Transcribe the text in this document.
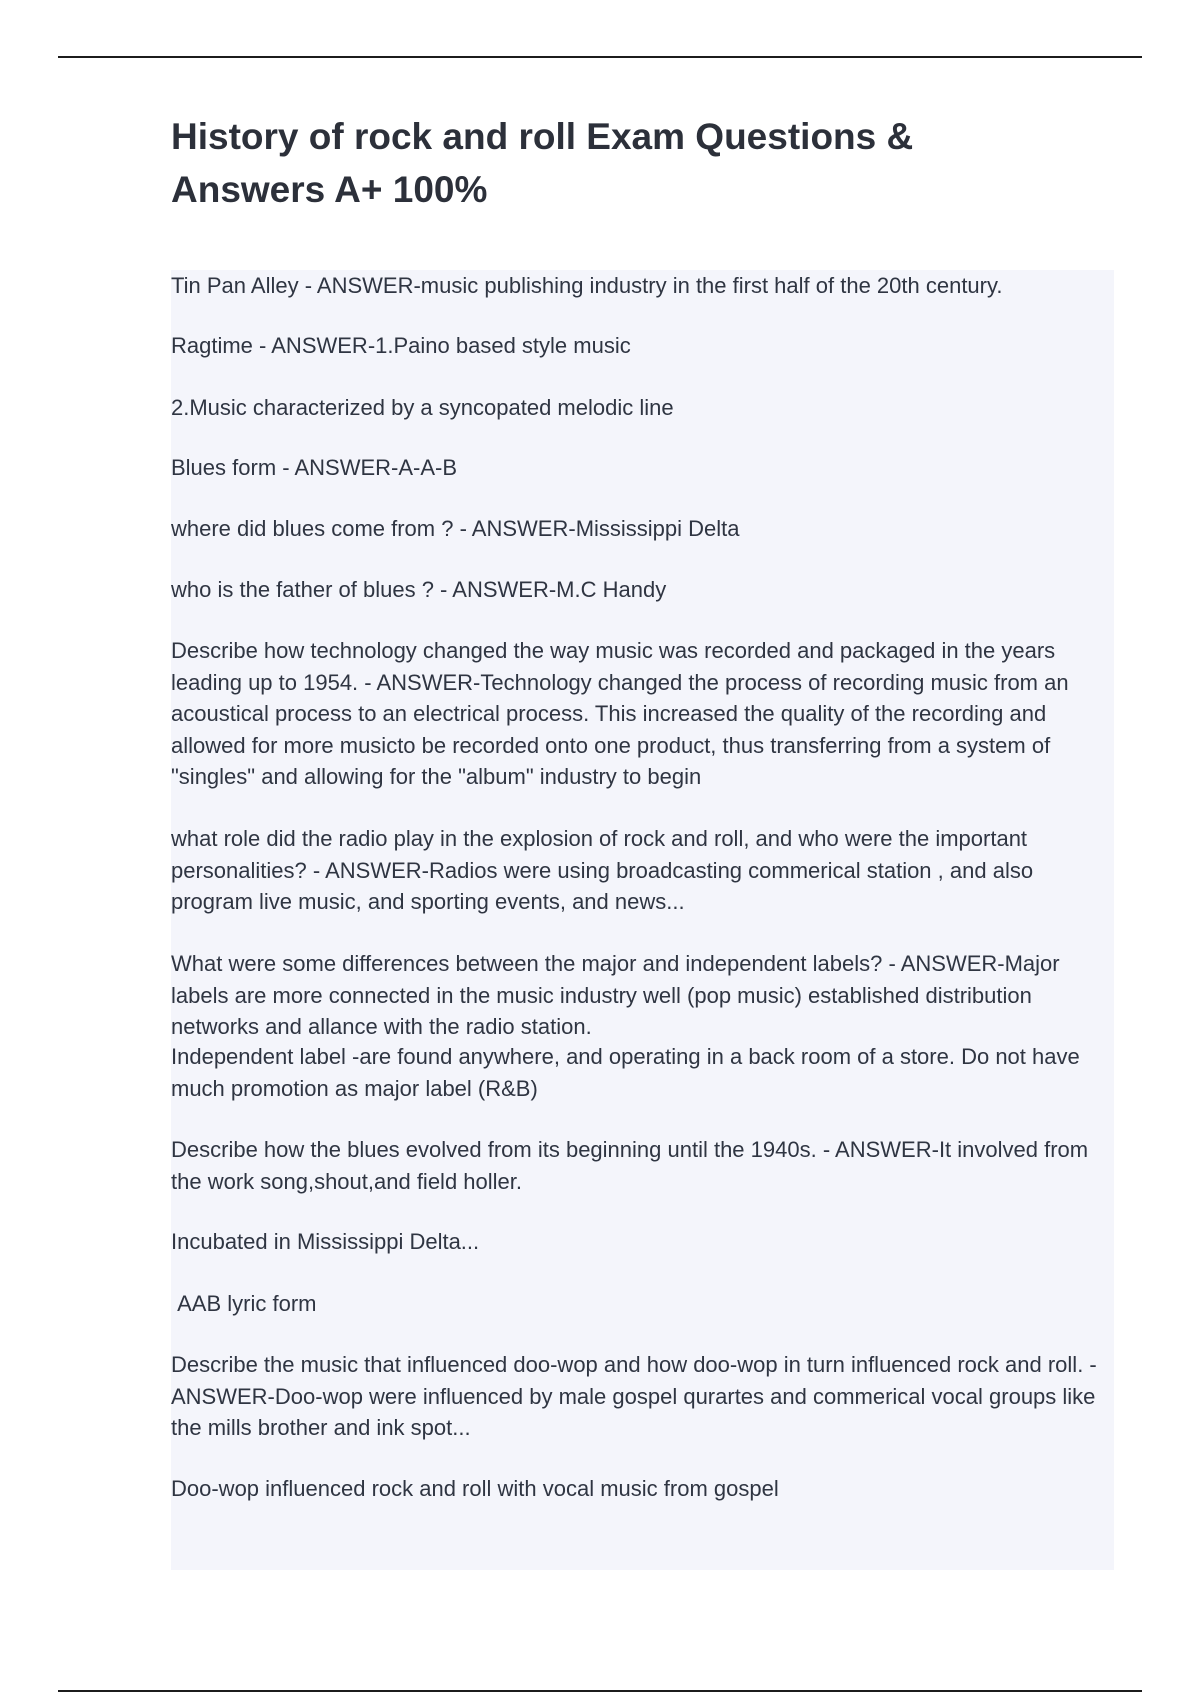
History of rock and roll Exam Questions & Answers A+ 100%

Tin Pan Alley - ANSWER-music publishing industry in the first half of the 20th century.

Ragtime - ANSWER-1.Paino based style music

2.Music characterized by a syncopated melodic line

Blues form - ANSWER-A-A-B

where did blues come from ? - ANSWER-Mississippi Delta

who is the father of blues ? - ANSWER-M.C Handy

Describe how technology changed the way music was recorded and packaged in the years leading up to 1954. - ANSWER-Technology changed the process of recording music from an acoustical process to an electrical process. This increased the quality of the recording and allowed for more musicto be recorded onto one product, thus transferring from a system of "singles" and allowing for the "album" industry to begin

what role did the radio play in the explosion of rock and roll, and who were the important personalities? - ANSWER-Radios were using broadcasting commerical station , and also program live music, and sporting events, and news...

What were some differences between the major and independent labels? - ANSWER-Major labels are more connected in the music industry well (pop music) established distribution networks and allance with the radio station.

Independent label -are found anywhere, and operating in a back room of a store. Do not have much promotion as major label (R&B)

Describe how the blues evolved from its beginning until the 1940s. - ANSWER-It involved from the work song,shout,and field holler.

Incubated in Mississippi Delta...

AAB lyric form

Describe the music that influenced doo-wop and how doo-wop in turn influenced rock and roll. - ANSWER-Doo-wop were influenced by male gospel qurartes and commerical vocal groups like the mills brother and ink spot...

Doo-wop influenced rock and roll with vocal music from gospel
